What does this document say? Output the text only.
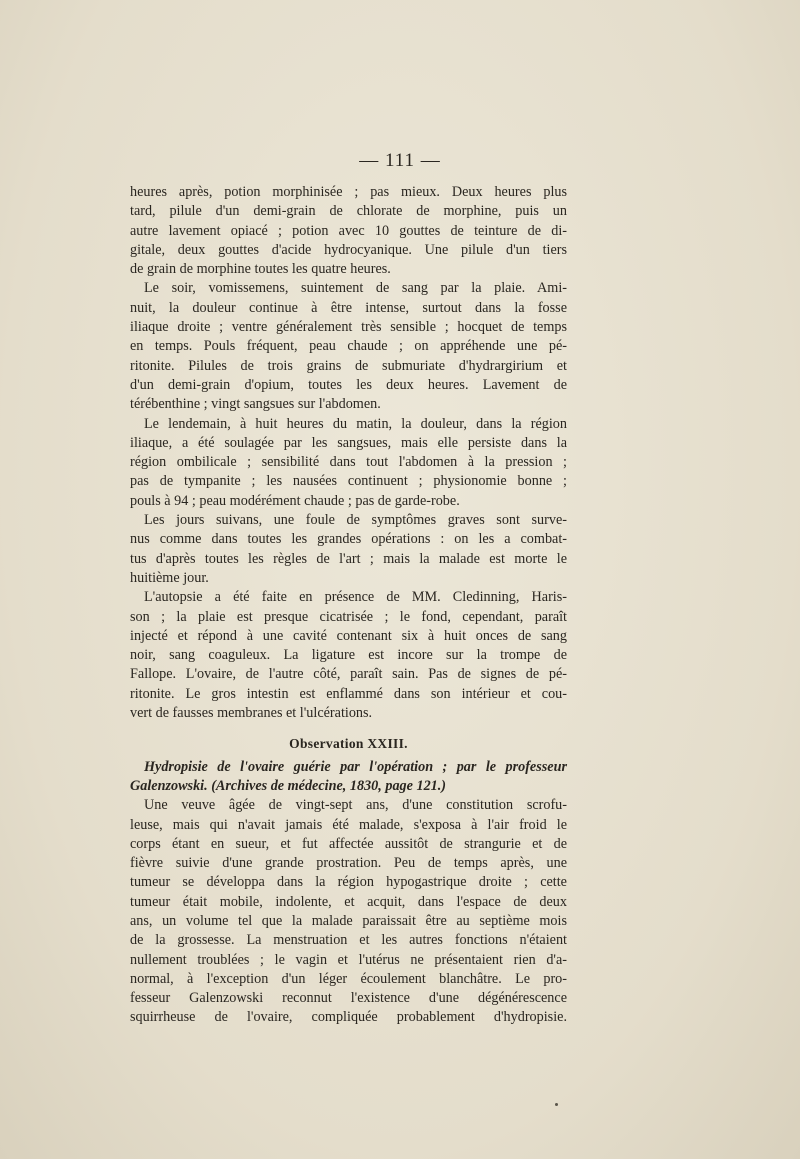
— 111 —
heures après, potion morphinisée ; pas mieux. Deux heures plus
tard, pilule d'un demi-grain de chlorate de morphine, puis un
autre lavement opiacé ; potion avec 10 gouttes de teinture de di-
gitale, deux gouttes d'acide hydrocyanique. Une pilule d'un tiers
de grain de morphine toutes les quatre heures.
Le soir, vomissemens, suintement de sang par la plaie. Ami-
nuit, la douleur continue à être intense, surtout dans la fosse
iliaque droite ; ventre généralement très sensible ; hocquet de temps
en temps. Pouls fréquent, peau chaude ; on appréhende une pé-
ritonite. Pilules de trois grains de submuriate d'hydrargirium et
d'un demi-grain d'opium, toutes les deux heures. Lavement de
térébenthine ; vingt sangsues sur l'abdomen.
Le lendemain, à huit heures du matin, la douleur, dans la région
iliaque, a été soulagée par les sangsues, mais elle persiste dans la
région ombilicale ; sensibilité dans tout l'abdomen à la pression ;
pas de tympanite ; les nausées continuent ; physionomie bonne ;
pouls à 94 ; peau modérément chaude ; pas de garde-robe.
Les jours suivans, une foule de symptômes graves sont surve-
nus comme dans toutes les grandes opérations : on les a combat-
tus d'après toutes les règles de l'art ; mais la malade est morte le
huitième jour.
L'autopsie a été faite en présence de MM. Cledinning, Haris-
son ; la plaie est presque cicatrisée ; le fond, cependant, paraît
injecté et répond à une cavité contenant six à huit onces de sang
noir, sang coaguleux. La ligature est incore sur la trompe de
Fallope. L'ovaire, de l'autre côté, paraît sain. Pas de signes de pé-
ritonite. Le gros intestin est enflammé dans son intérieur et cou-
vert de fausses membranes et l'ulcérations.
Observation XXIII.
Hydropisie de l'ovaire guérie par l'opération ; par le professeur
Galenzowski. (Archives de médecine, 1830, page 121.)
Une veuve âgée de vingt-sept ans, d'une constitution scrofu-
leuse, mais qui n'avait jamais été malade, s'exposa à l'air froid le
corps étant en sueur, et fut affectée aussitôt de strangurie et de
fièvre suivie d'une grande prostration. Peu de temps après, une
tumeur se développa dans la région hypogastrique droite ; cette
tumeur était mobile, indolente, et acquit, dans l'espace de deux
ans, un volume tel que la malade paraissait être au septième mois
de la grossesse. La menstruation et les autres fonctions n'étaient
nullement troublées ; le vagin et l'utérus ne présentaient rien d'a-
normal, à l'exception d'un léger écoulement blanchâtre. Le pro-
fesseur Galenzowski reconnut l'existence d'une dégénérescence
squirrheuse de l'ovaire, compliquée probablement d'hydropisie.
